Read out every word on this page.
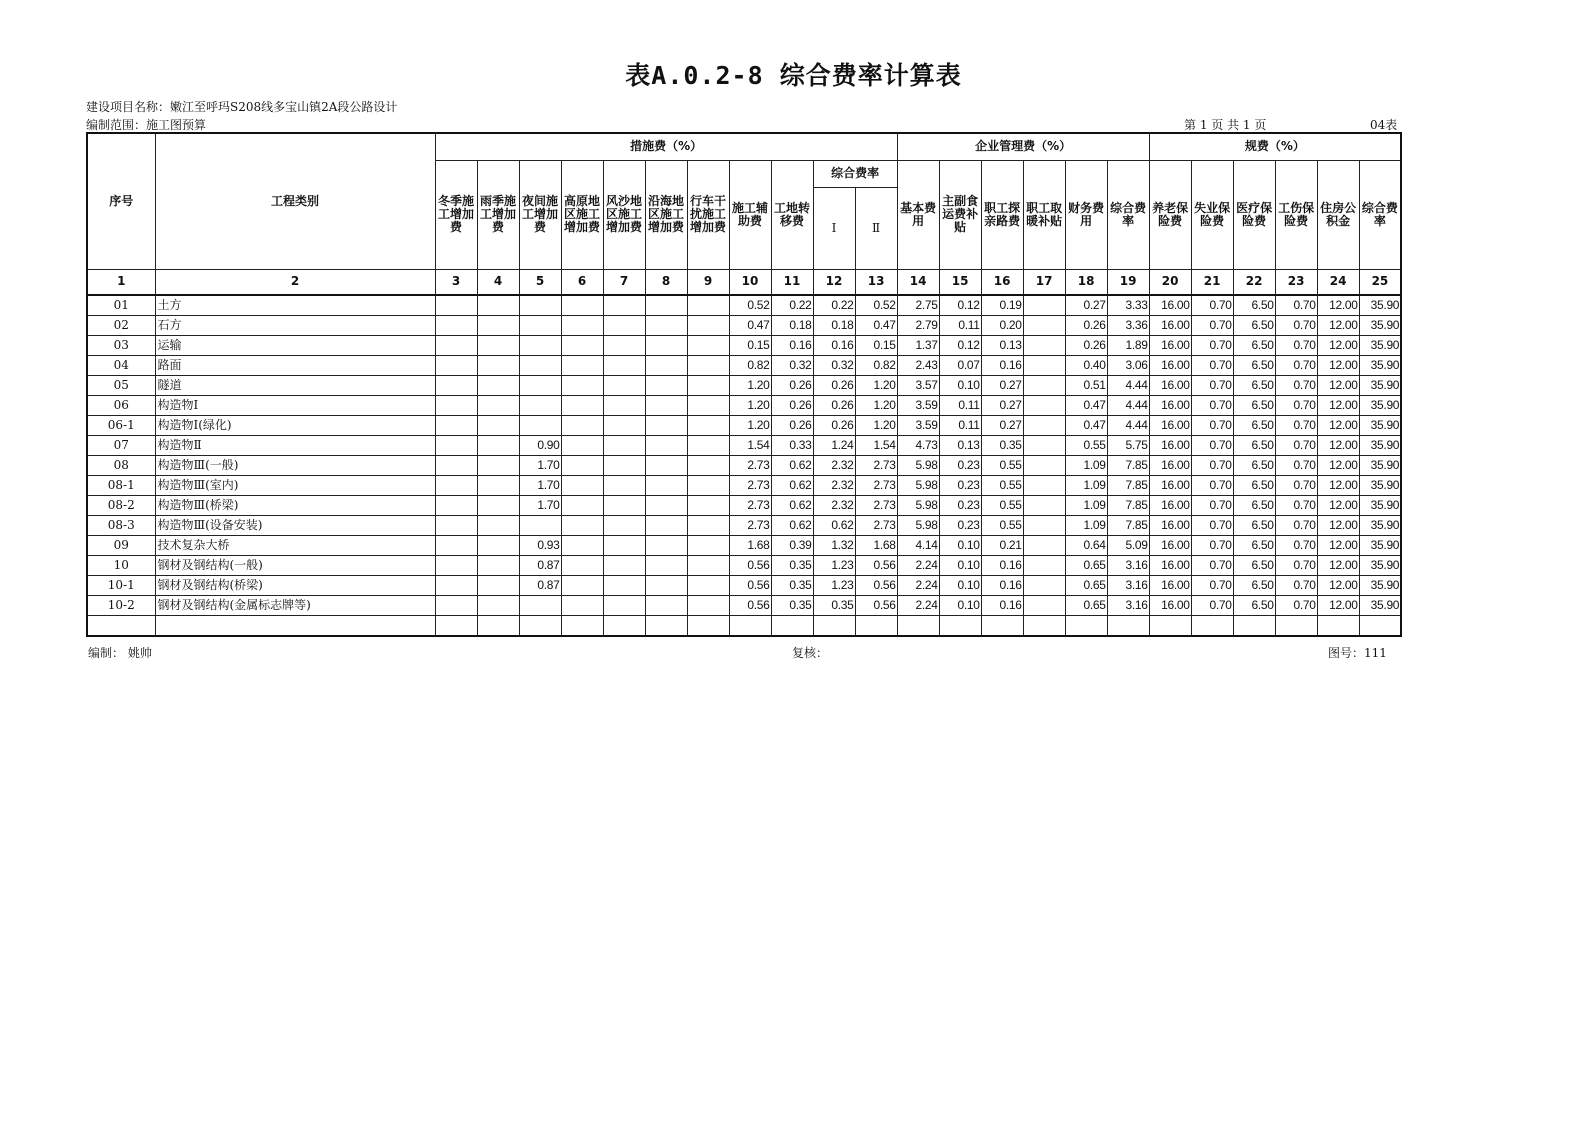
表A.0.2-8 综合费率计算表
建设项目名称：嫩江至呼玛S208线多宝山镇2A段公路设计
编制范围：施工图预算	第 1 页 共 1 页	04表
序号	工程类别	措施费（%）											企业管理费（%）						规费（%）					
		冬季施工增加费	雨季施工增加费	夜间施工增加费	高原地区施工增加费	风沙地区施工增加费	沿海地区施工增加费	行车干扰施工增加费	施工辅助费	工地转移费	综合费率		基本费用	主副食运费补贴	职工探亲路费	职工取暖补贴	财务费用	综合费率	养老保险费	失业保险费	医疗保险费	工伤保险费	住房公积金	综合费率
											Ⅰ	Ⅱ												
1	2	3	4	5	6	7	8	9	10	11	12	13	14	15	16	17	18	19	20	21	22	23	24	25
01	土方								0.52	0.22	0.22	0.52	2.75	0.12	0.19		0.27	3.33	16.00	0.70	6.50	0.70	12.00	35.90
02	石方								0.47	0.18	0.18	0.47	2.79	0.11	0.20		0.26	3.36	16.00	0.70	6.50	0.70	12.00	35.90
03	运输								0.15	0.16	0.16	0.15	1.37	0.12	0.13		0.26	1.89	16.00	0.70	6.50	0.70	12.00	35.90
04	路面								0.82	0.32	0.32	0.82	2.43	0.07	0.16		0.40	3.06	16.00	0.70	6.50	0.70	12.00	35.90
05	隧道								1.20	0.26	0.26	1.20	3.57	0.10	0.27		0.51	4.44	16.00	0.70	6.50	0.70	12.00	35.90
06	构造物Ⅰ								1.20	0.26	0.26	1.20	3.59	0.11	0.27		0.47	4.44	16.00	0.70	6.50	0.70	12.00	35.90
06-1	构造物Ⅰ(绿化)								1.20	0.26	0.26	1.20	3.59	0.11	0.27		0.47	4.44	16.00	0.70	6.50	0.70	12.00	35.90
07	构造物Ⅱ			0.90					1.54	0.33	1.24	1.54	4.73	0.13	0.35		0.55	5.75	16.00	0.70	6.50	0.70	12.00	35.90
08	构造物Ⅲ(一般)			1.70					2.73	0.62	2.32	2.73	5.98	0.23	0.55		1.09	7.85	16.00	0.70	6.50	0.70	12.00	35.90
08-1	构造物Ⅲ(室内)			1.70					2.73	0.62	2.32	2.73	5.98	0.23	0.55		1.09	7.85	16.00	0.70	6.50	0.70	12.00	35.90
08-2	构造物Ⅲ(桥梁)			1.70					2.73	0.62	2.32	2.73	5.98	0.23	0.55		1.09	7.85	16.00	0.70	6.50	0.70	12.00	35.90
08-3	构造物Ⅲ(设备安装)								2.73	0.62	0.62	2.73	5.98	0.23	0.55		1.09	7.85	16.00	0.70	6.50	0.70	12.00	35.90
09	技术复杂大桥			0.93					1.68	0.39	1.32	1.68	4.14	0.10	0.21		0.64	5.09	16.00	0.70	6.50	0.70	12.00	35.90
10	钢材及钢结构(一般)			0.87					0.56	0.35	1.23	0.56	2.24	0.10	0.16		0.65	3.16	16.00	0.70	6.50	0.70	12.00	35.90
10-1	钢材及钢结构(桥梁)			0.87					0.56	0.35	1.23	0.56	2.24	0.10	0.16		0.65	3.16	16.00	0.70	6.50	0.70	12.00	35.90
10-2	钢材及钢结构(金属标志牌等)								0.56	0.35	0.35	0.56	2.24	0.10	0.16		0.65	3.16	16.00	0.70	6.50	0.70	12.00	35.90

编制： 姚帅	复核：	图号：111
